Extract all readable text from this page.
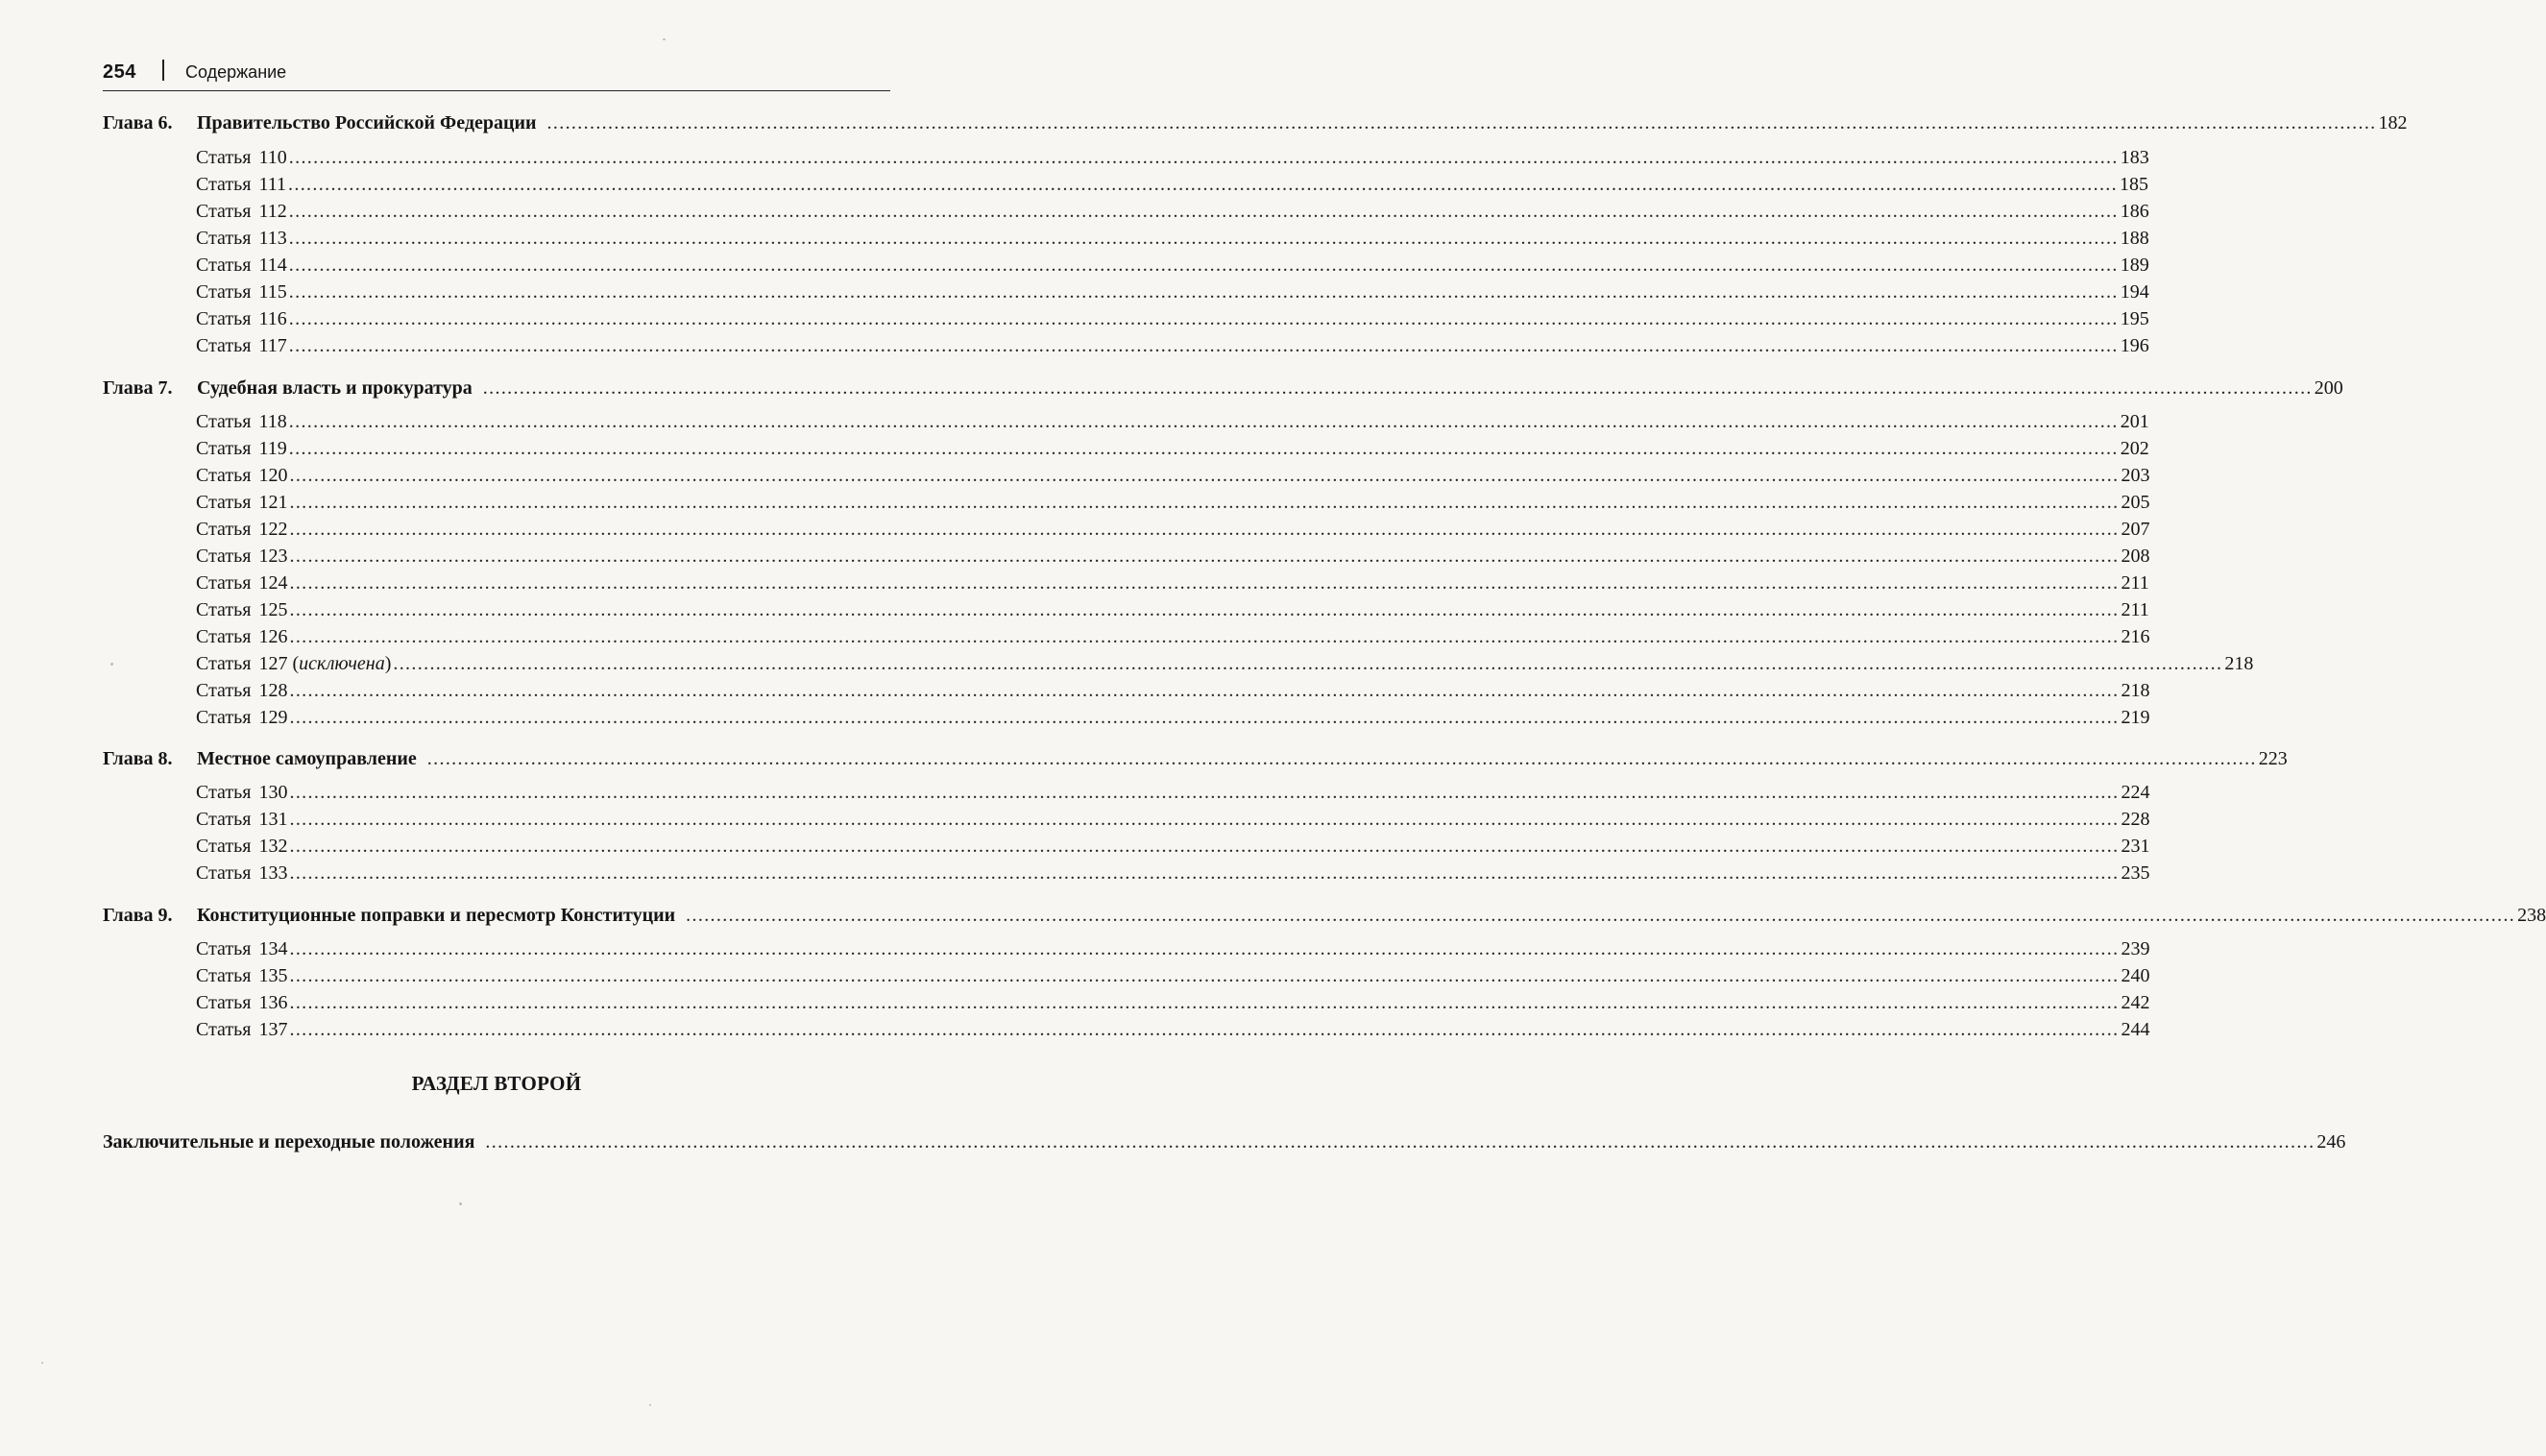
254	Содержание
Глава 6.	Правительство Российской Федерации ............................................................................................................................................................................................................................................................................................................ 182
Статья 110 ............................................................................................................................................................................................................................................................................................................ 183
Статья 111 ............................................................................................................................................................................................................................................................................................................ 185
Статья 112 ............................................................................................................................................................................................................................................................................................................ 186
Статья 113 ............................................................................................................................................................................................................................................................................................................ 188
Статья 114 ............................................................................................................................................................................................................................................................................................................ 189
Статья 115 ............................................................................................................................................................................................................................................................................................................ 194
Статья 116 ............................................................................................................................................................................................................................................................................................................ 195
Статья 117 ............................................................................................................................................................................................................................................................................................................ 196
Глава 7.	Судебная власть и прокуратура ............................................................................................................................................................................................................................................................................................................ 200
Статья 118 ............................................................................................................................................................................................................................................................................................................ 201
Статья 119 ............................................................................................................................................................................................................................................................................................................ 202
Статья 120 ............................................................................................................................................................................................................................................................................................................ 203
Статья 121 ............................................................................................................................................................................................................................................................................................................ 205
Статья 122 ............................................................................................................................................................................................................................................................................................................ 207
Статья 123 ............................................................................................................................................................................................................................................................................................................ 208
Статья 124 ............................................................................................................................................................................................................................................................................................................ 211
Статья 125 ............................................................................................................................................................................................................................................................................................................ 211
Статья 126 ............................................................................................................................................................................................................................................................................................................ 216
Статья 127 (исключена) ............................................................................................................................................................................................................................................................................................................ 218
Статья 128 ............................................................................................................................................................................................................................................................................................................ 218
Статья 129 ............................................................................................................................................................................................................................................................................................................ 219
Глава 8.	Местное самоуправление ............................................................................................................................................................................................................................................................................................................ 223
Статья 130 ............................................................................................................................................................................................................................................................................................................ 224
Статья 131 ............................................................................................................................................................................................................................................................................................................ 228
Статья 132 ............................................................................................................................................................................................................................................................................................................ 231
Статья 133 ............................................................................................................................................................................................................................................................................................................ 235
Глава 9.	Конституционные поправки и пересмотр Конституции ............................................................................................................................................................................................................................................................................................................ 238
Статья 134 ............................................................................................................................................................................................................................................................................................................ 239
Статья 135 ............................................................................................................................................................................................................................................................................................................ 240
Статья 136 ............................................................................................................................................................................................................................................................................................................ 242
Статья 137 ............................................................................................................................................................................................................................................................................................................ 244
РАЗДЕЛ ВТОРОЙ
Заключительные и переходные положения ............................................................................................................................................................................................................................................................................................................ 246
